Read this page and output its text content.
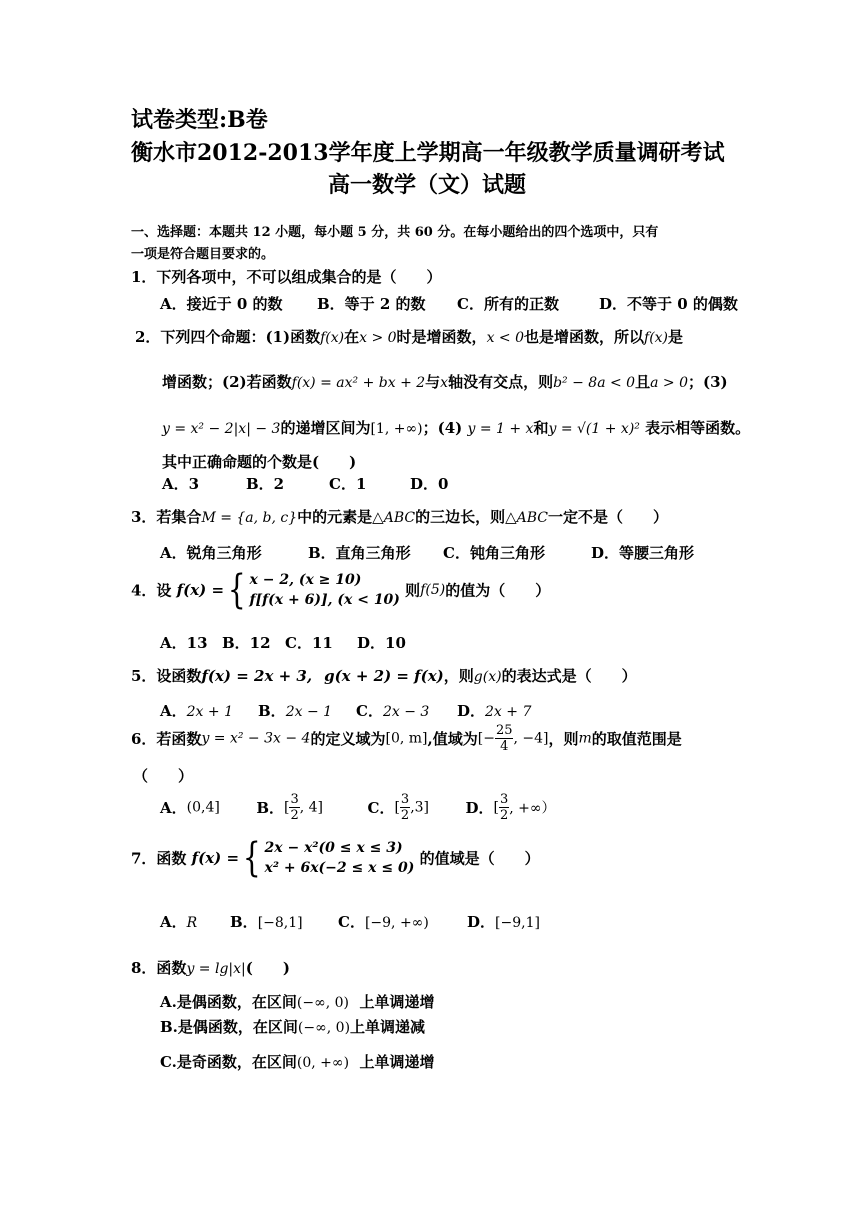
试卷类型:B卷
衡水市2012-2013学年度上学期高一年级教学质量调研考试
高一数学（文）试题
一、选择题：本题共 12 小题，每小题 5 分，共 60 分。在每小题给出的四个选项中，只有
一项是符合题目要求的。
1．下列各项中，不可以组成集合的是（　　）
A．接近于 0 的数 B．等于 2 的数 C．所有的正数	D．不等于 0 的偶数
2．下列四个命题：(1)函数f(x)在x > 0时是增函数，x < 0也是增函数，所以f(x)是
增函数；(2)若函数f(x) = ax² + bx + 2与x轴没有交点，则b² − 8a < 0且a > 0；(3)
y = x² − 2|x| − 3的递增区间为[1, +∞)；(4) y = 1 + x和y = √(1 + x)² 表示相等函数。
其中正确命题的个数是(　　)
A．3	B．2	C．1	D．0
3．若集合M = {a, b, c}中的元素是△ABC的三边长，则△ABC一定不是（　　）
A．锐角三角形	B．直角三角形 C．钝角三角形	D．等腰三角形
4．设 f(x) ={ x − 2, (x ≥ 10)
f[f(x + 6)], (x < 10)
则f(5)的值为（　　）
A．13 B．12 C．11 D．10
5．设函数f(x) = 2x + 3, g(x + 2) = f(x)，则g(x)的表达式是（　　）
A．2x + 1 B．2x − 1 C．2x − 3 D．2x + 7
6．若函数y = x² − 3x − 4的定义域为[0, m],值域为[− $\frac{25}{4}$ , −4]，则m的取值范围是
（　　）
A．(0,4] B．[ $\frac{3}{2}$ , 4]	C．[ $\frac{3}{2} ,3$] D．[ $\frac{3}{2}$ , +∞）
7．函数 f(x) ={ 2x − x²(0 ≤ x ≤ 3)
x² + 6x(−2 ≤ x ≤ 0)
的值域是（　　）
A．R B．[−8,1] C．[−9, +∞)	D．[−9,1]
8．函数y = lg|x|(　　)
A.是偶函数，在区间(−∞, 0) 上单调递增
B.是偶函数，在区间(−∞, 0)上单调递减
C.是奇函数，在区间(0, +∞) 上单调递增
